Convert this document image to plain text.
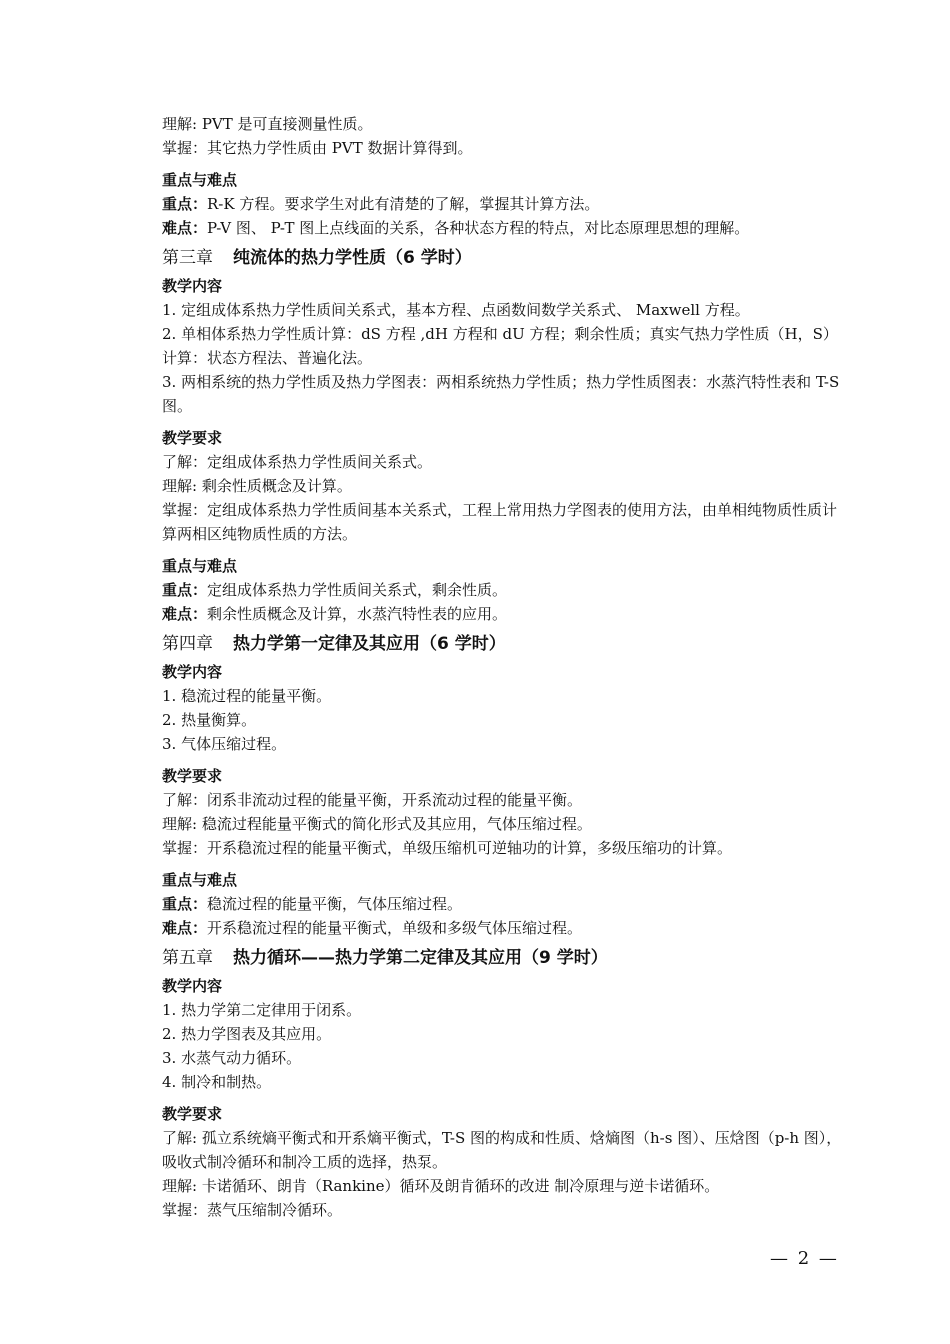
理解: PVT 是可直接测量性质。

掌握：其它热力学性质由 PVT 数据计算得到。

重点与难点

重点：R-K 方程。要求学生对此有清楚的了解，掌握其计算方法。

难点：P-V 图、 P-T 图上点线面的关系，各种状态方程的特点，对比态原理思想的理解。

第三章 纯流体的热力学性质（6 学时）
教学内容

1. 定组成体系热力学性质间关系式，基本方程、点函数间数学关系式、 Maxwell 方程。

2. 单相体系热力学性质计算：dS 方程 ,dH 方程和 dU 方程；剩余性质；真实气热力学性质（H，S）计算：状态方程法、普遍化法。

3. 两相系统的热力学性质及热力学图表：两相系统热力学性质；热力学性质图表：水蒸汽特性表和 T-S 图。

教学要求

了解：定组成体系热力学性质间关系式。

理解: 剩余性质概念及计算。

掌握：定组成体系热力学性质间基本关系式，工程上常用热力学图表的使用方法，由单相纯物质性质计算两相区纯物质性质的方法。

重点与难点

重点：定组成体系热力学性质间关系式，剩余性质。

难点：剩余性质概念及计算，水蒸汽特性表的应用。

第四章 热力学第一定律及其应用（6 学时）
教学内容

1. 稳流过程的能量平衡。

2. 热量衡算。

3. 气体压缩过程。

教学要求

了解：闭系非流动过程的能量平衡，开系流动过程的能量平衡。

理解: 稳流过程能量平衡式的简化形式及其应用，气体压缩过程。

掌握：开系稳流过程的能量平衡式，单级压缩机可逆轴功的计算，多级压缩功的计算。

重点与难点

重点：稳流过程的能量平衡，气体压缩过程。

难点：开系稳流过程的能量平衡式，单级和多级气体压缩过程。

第五章 热力循环——热力学第二定律及其应用（9 学时）
教学内容

1. 热力学第二定律用于闭系。

2. 热力学图表及其应用。

3. 水蒸气动力循环。

4. 制冷和制热。

教学要求

了解: 孤立系统熵平衡式和开系熵平衡式，T-S 图的构成和性质、焓熵图（h-s 图）、压焓图（p-h 图），吸收式制冷循环和制冷工质的选择，热泵。

理解: 卡诺循环、朗肯（Rankine）循环及朗肯循环的改进 制冷原理与逆卡诺循环。

掌握：蒸气压缩制冷循环。

— 2 —
